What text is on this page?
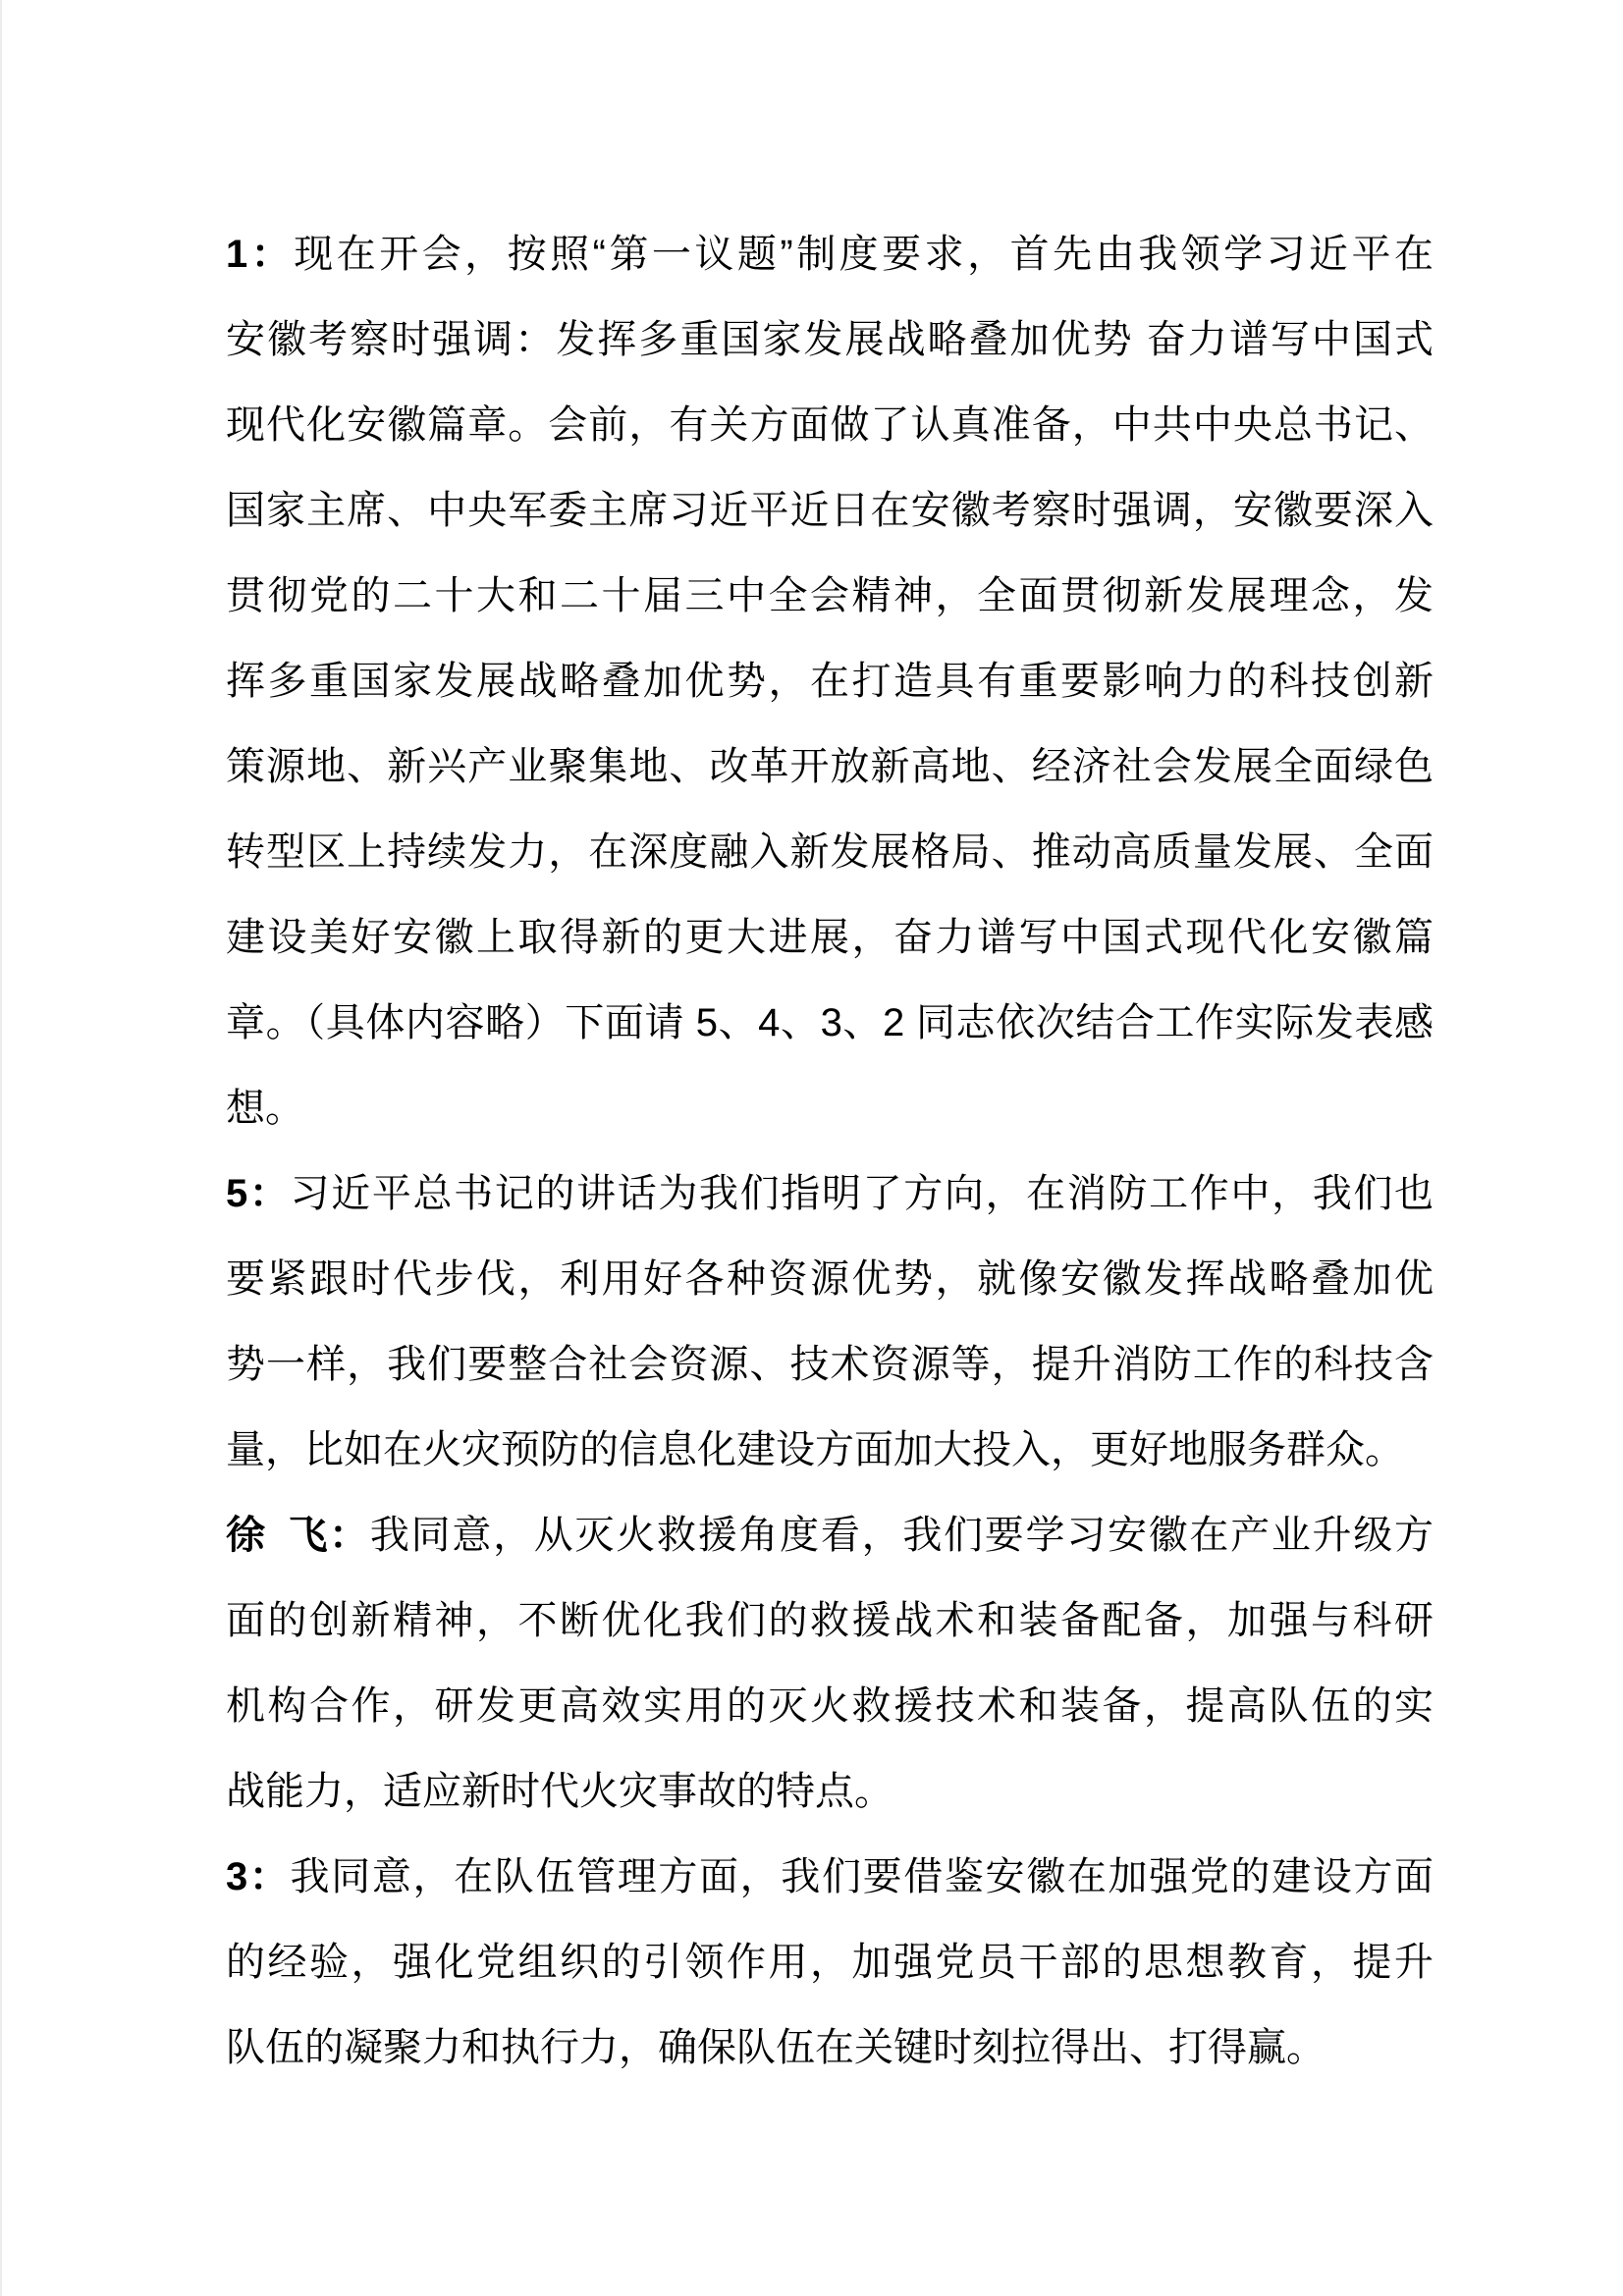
1：现在开会，按照“第一议题”制度要求，首先由我领学习近平在
安徽考察时强调：发挥多重国家发展战略叠加优势 奋力谱写中国式
现代化安徽篇章。会前，有关方面做了认真准备，中共中央总书记、
国家主席、中央军委主席习近平近日在安徽考察时强调，安徽要深入
贯彻党的二十大和二十届三中全会精神，全面贯彻新发展理念，发
挥多重国家发展战略叠加优势，在打造具有重要影响力的科技创新
策源地、新兴产业聚集地、改革开放新高地、经济社会发展全面绿色
转型区上持续发力，在深度融入新发展格局、推动高质量发展、全面
建设美好安徽上取得新的更大进展，奋力谱写中国式现代化安徽篇
章。（具体内容略）下面请 5、4、3、2 同志依次结合工作实际发表感
想。
5：习近平总书记的讲话为我们指明了方向，在消防工作中，我们也
要紧跟时代步伐，利用好各种资源优势，就像安徽发挥战略叠加优
势一样，我们要整合社会资源、技术资源等，提升消防工作的科技含
量，比如在火灾预防的信息化建设方面加大投入，更好地服务群众。
徐 飞：我同意，从灭火救援角度看，我们要学习安徽在产业升级方
面的创新精神，不断优化我们的救援战术和装备配备，加强与科研
机构合作，研发更高效实用的灭火救援技术和装备，提高队伍的实
战能力，适应新时代火灾事故的特点。
3：我同意，在队伍管理方面，我们要借鉴安徽在加强党的建设方面
的经验，强化党组织的引领作用，加强党员干部的思想教育，提升
队伍的凝聚力和执行力，确保队伍在关键时刻拉得出、打得赢。
